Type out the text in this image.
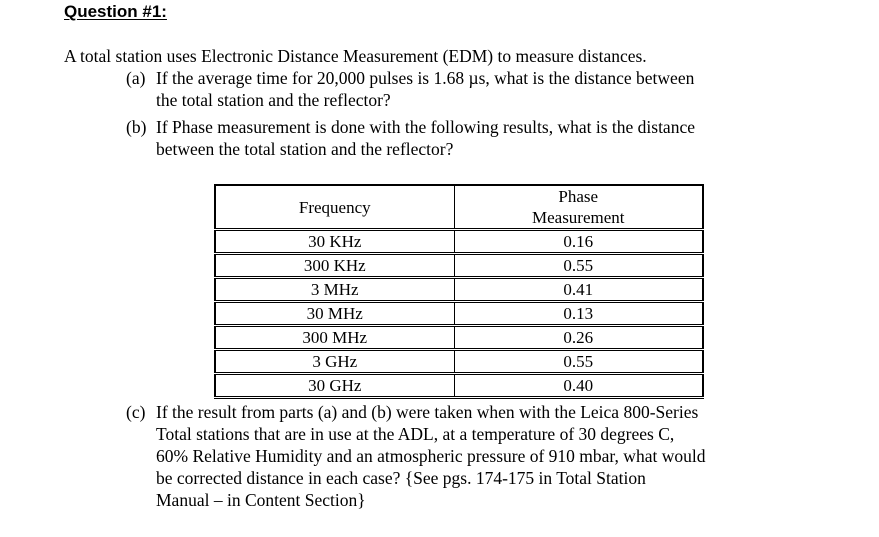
Question #1:
A total station uses Electronic Distance Measurement (EDM) to measure distances.
(a) If the average time for 20,000 pulses is 1.68 µs, what is the distance between
the total station and the reflector?
(b) If Phase measurement is done with the following results, what is the distance
between the total station and the reflector?
Frequency	Phase Measurement
30 KHz	0.16
300 KHz	0.55
3 MHz	0.41
30 MHz	0.13
300 MHz	0.26
3 GHz	0.55
30 GHz	0.40
(c) If the result from parts (a) and (b) were taken when with the Leica 800-Series
Total stations that are in use at the ADL, at a temperature of 30 degrees C,
60% Relative Humidity and an atmospheric pressure of 910 mbar, what would
be corrected distance in each case? {See pgs. 174-175 in Total Station
Manual – in Content Section}
